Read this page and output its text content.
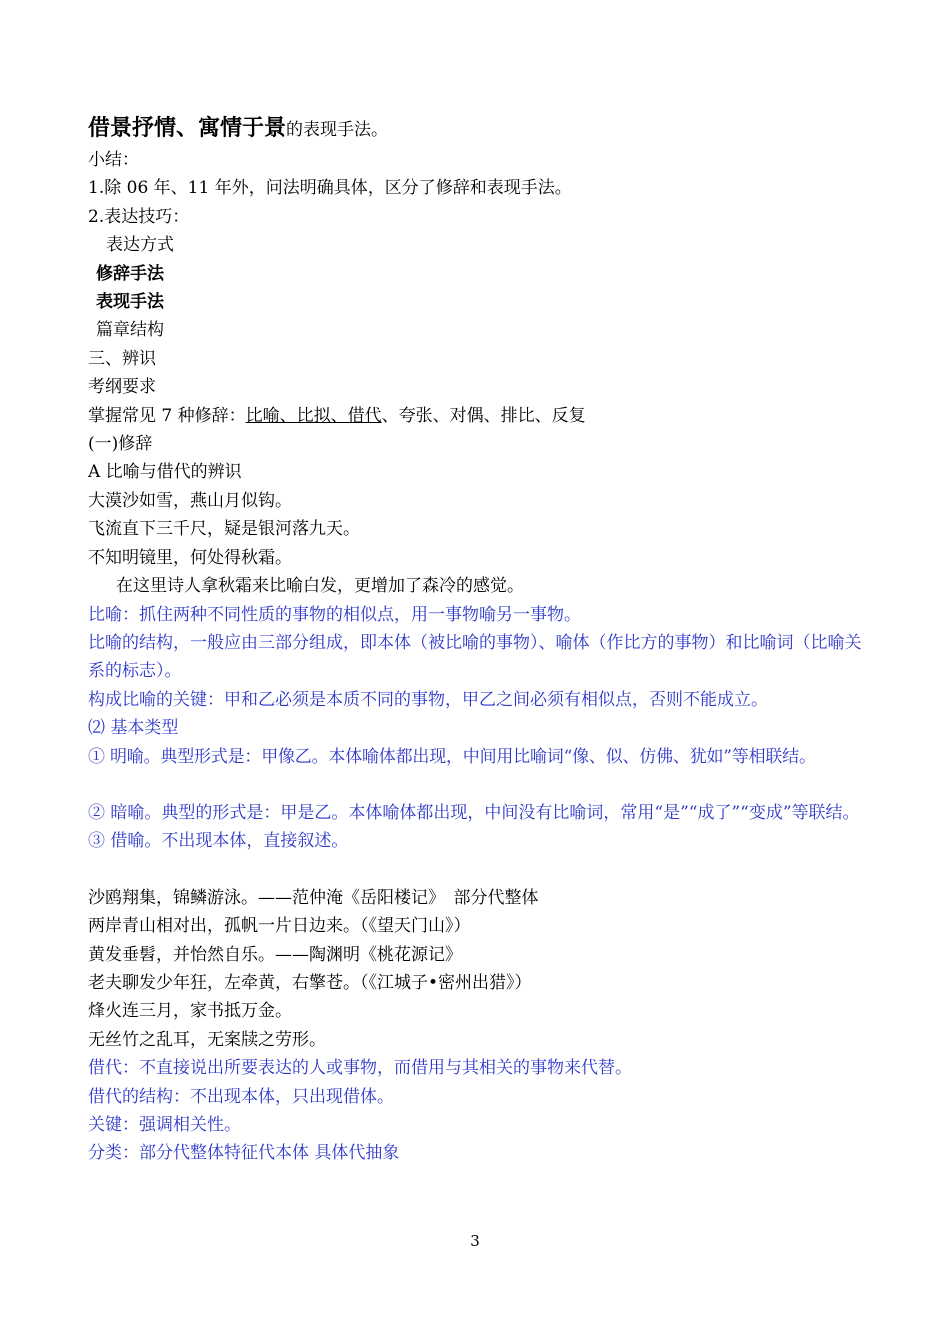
借景抒情、寓情于景的表现手法。
小结：
1.除 06 年、11 年外，问法明确具体，区分了修辞和表现手法。
2.表达技巧：
表达方式
修辞手法
表现手法
篇章结构
三、辨识
考纲要求
掌握常见 7 种修辞：比喻、比拟、借代、夸张、对偶、排比、反复
(一)修辞
A 比喻与借代的辨识
大漠沙如雪，燕山月似钩。
飞流直下三千尺，疑是银河落九天。
不知明镜里，何处得秋霜。
在这里诗人拿秋霜来比喻白发，更增加了森冷的感觉。
比喻：抓住两种不同性质的事物的相似点，用一事物喻另一事物。
比喻的结构，一般应由三部分组成，即本体（被比喻的事物）、喻体（作比方的事物）和比喻词（比喻关系的标志）。
构成比喻的关键：甲和乙必须是本质不同的事物，甲乙之间必须有相似点，否则不能成立。
⑵ 基本类型
① 明喻。典型形式是：甲像乙。本体喻体都出现，中间用比喻词“像、似、仿佛、犹如”等相联结。
② 暗喻。典型的形式是：甲是乙。本体喻体都出现，中间没有比喻词，常用“是”“成了”“变成”等联结。
③ 借喻。不出现本体，直接叙述。
沙鸥翔集，锦鳞游泳。——范仲淹《岳阳楼记》　部分代整体
两岸青山相对出，孤帆一片日边来。（《望天门山》）
黄发垂髫，并怡然自乐。——陶渊明《桃花源记》
老夫聊发少年狂，左牵黄，右擎苍。（《江城子•密州出猎》）
烽火连三月，家书抵万金。
无丝竹之乱耳，无案牍之劳形。
借代：不直接说出所要表达的人或事物，而借用与其相关的事物来代替。
借代的结构：不出现本体，只出现借体。
关键：强调相关性。
分类：部分代整体特征代本体 具体代抽象
3
